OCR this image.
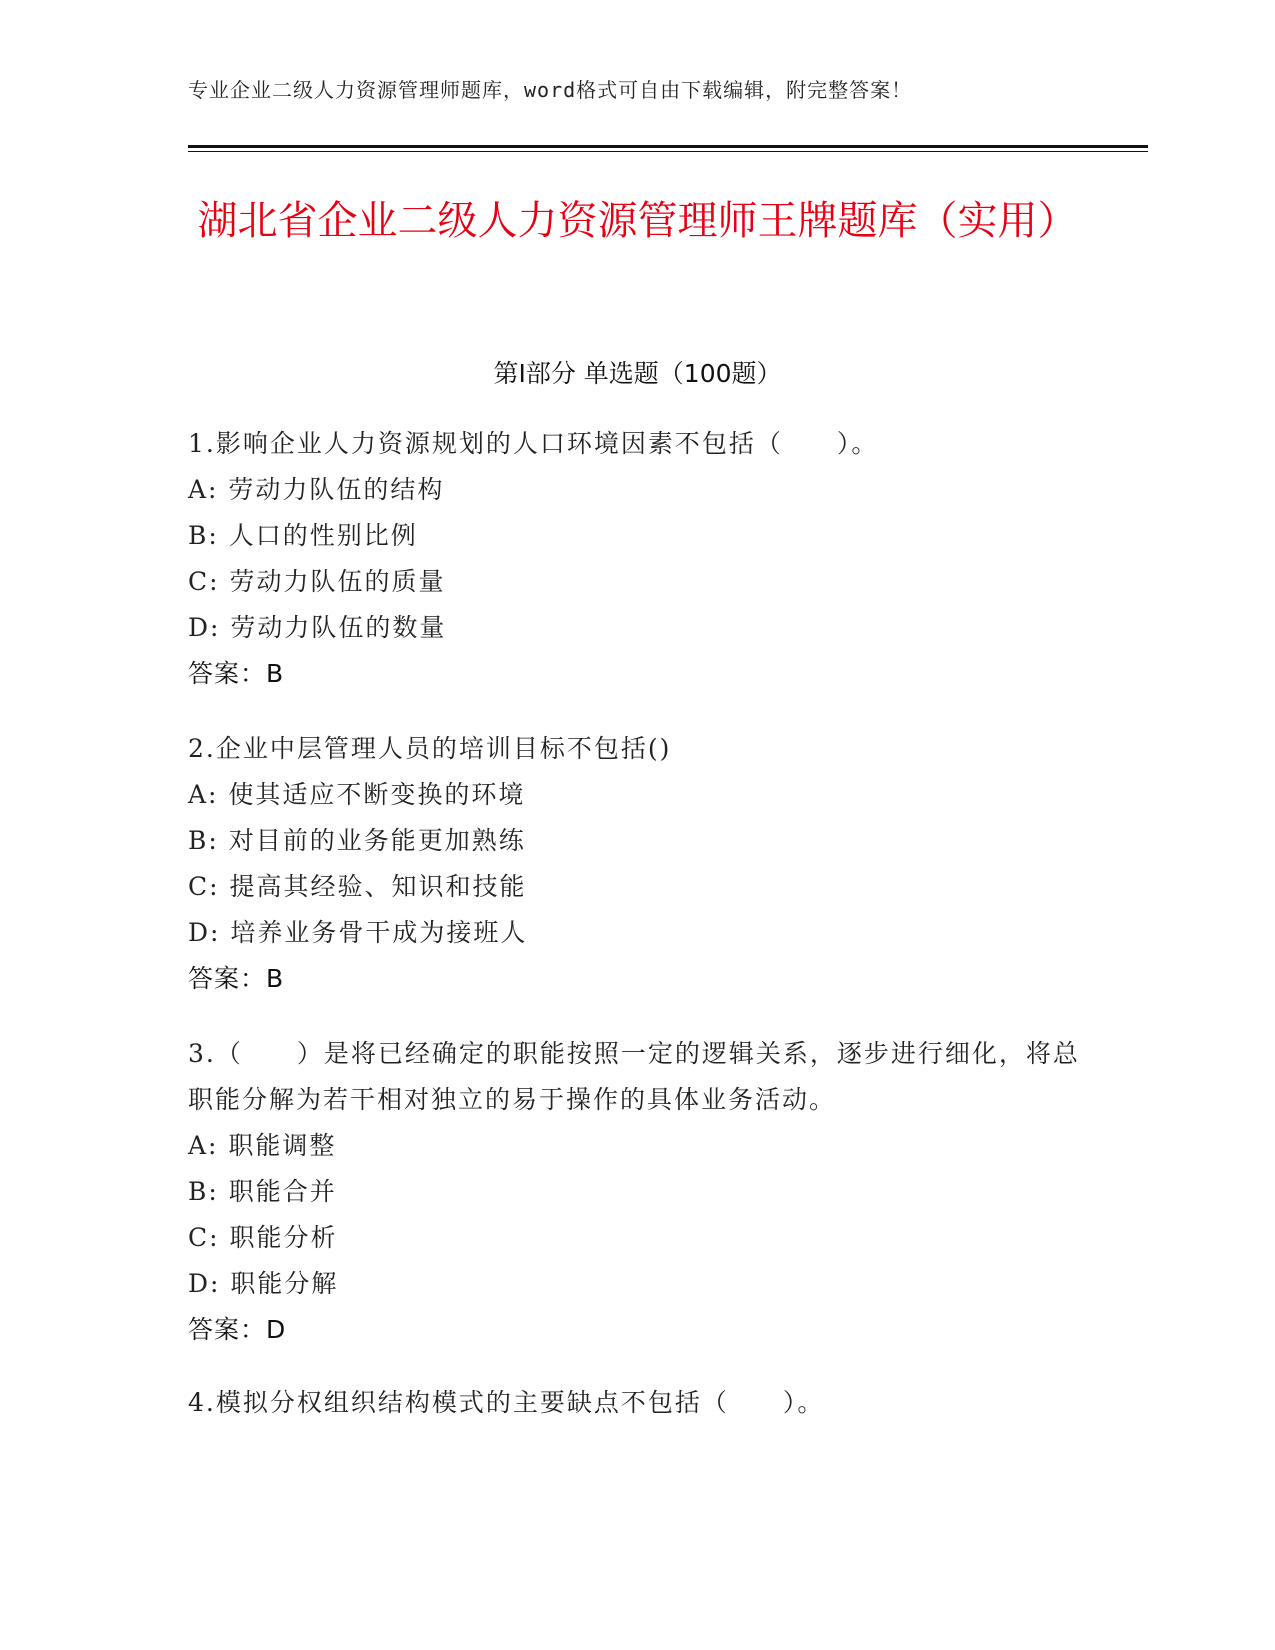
专业企业二级人力资源管理师题库，word格式可自由下载编辑，附完整答案！
湖北省企业二级人力资源管理师王牌题库（实用）
第Ⅰ部分 单选题（100题）
1.影响企业人力资源规划的人口环境因素不包括（　　）。
A: 劳动力队伍的结构
B: 人口的性别比例
C: 劳动力队伍的质量
D: 劳动力队伍的数量
答案：B
2.企业中层管理人员的培训目标不包括()
A: 使其适应不断变换的环境
B: 对目前的业务能更加熟练
C: 提高其经验、知识和技能
D: 培养业务骨干成为接班人
答案：B
3.（　　）是将已经确定的职能按照一定的逻辑关系，逐步进行细化，将总职能分解为若干相对独立的易于操作的具体业务活动。
A: 职能调整
B: 职能合并
C: 职能分析
D: 职能分解
答案：D
4.模拟分权组织结构模式的主要缺点不包括（　　）。
